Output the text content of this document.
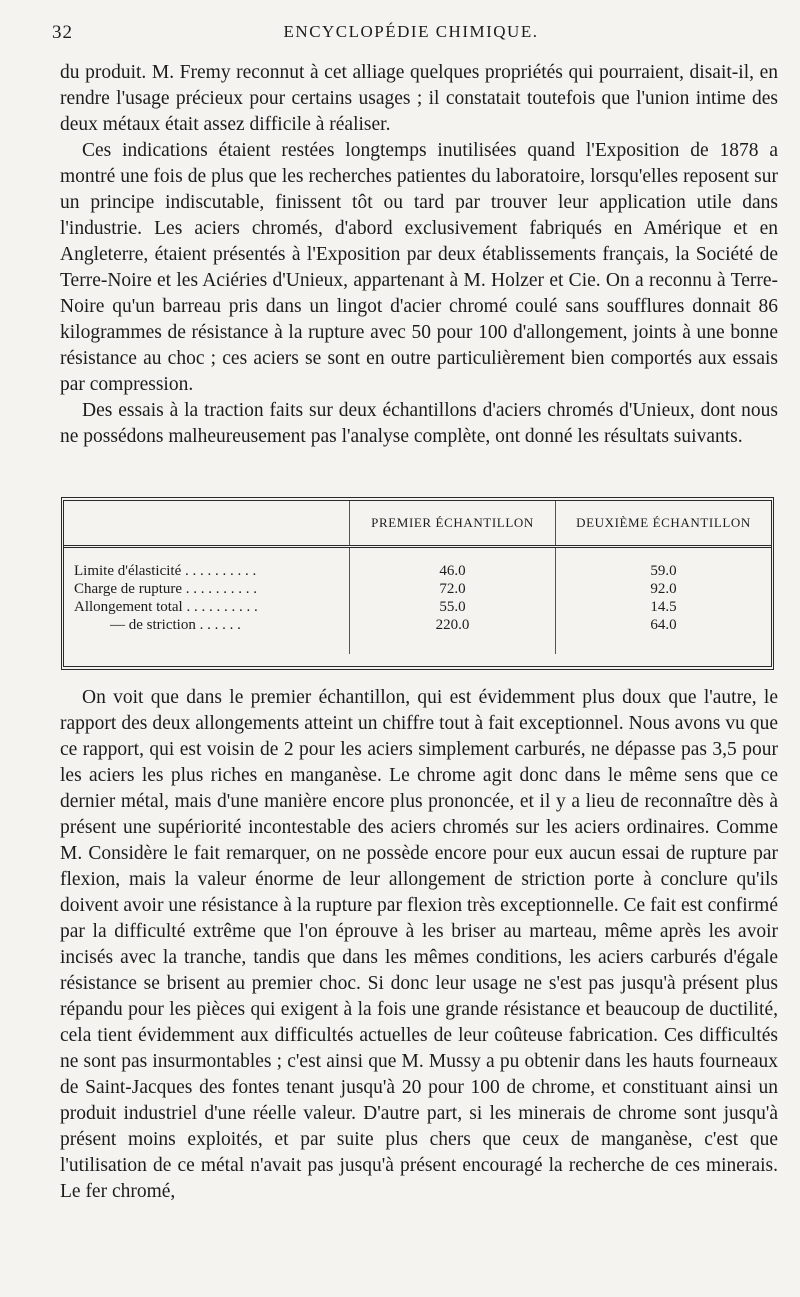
32	ENCYCLOPÉDIE CHIMIQUE.

du produit. M. Fremy reconnut à cet alliage quelques propriétés qui pourraient, disait-il, en rendre l'usage précieux pour certains usages ; il constatait toutefois que l'union intime des deux métaux était assez difficile à réaliser.

Ces indications étaient restées longtemps inutilisées quand l'Exposition de 1878 a montré une fois de plus que les recherches patientes du laboratoire, lorsqu'elles reposent sur un principe indiscutable, finissent tôt ou tard par trouver leur application utile dans l'industrie. Les aciers chromés, d'abord exclusivement fabriqués en Amérique et en Angleterre, étaient présentés à l'Exposition par deux établissements français, la Société de Terre-Noire et les Aciéries d'Unieux, appartenant à M. Holzer et Cie. On a reconnu à Terre-Noire qu'un barreau pris dans un lingot d'acier chromé coulé sans soufflures donnait 86 kilogrammes de résistance à la rupture avec 50 pour 100 d'allongement, joints à une bonne résistance au choc ; ces aciers se sont en outre particulièrement bien comportés aux essais par compression.

Des essais à la traction faits sur deux échantillons d'aciers chromés d'Unieux, dont nous ne possédons malheureusement pas l'analyse complète, ont donné les résultats suivants.

	PREMIER ÉCHANTILLON	DEUXIÈME ÉCHANTILLON
Limite d'élasticité . . . . . . . . . .	46.0	59.0
Charge de rupture . . . . . . . . . .	72.0	92.0
Allongement total . . . . . . . . . .	55.0	14.5
— de striction . . . . . .	220.0	64.0

On voit que dans le premier échantillon, qui est évidemment plus doux que l'autre, le rapport des deux allongements atteint un chiffre tout à fait exceptionnel. Nous avons vu que ce rapport, qui est voisin de 2 pour les aciers simplement carburés, ne dépasse pas 3,5 pour les aciers les plus riches en manganèse. Le chrome agit donc dans le même sens que ce dernier métal, mais d'une manière encore plus prononcée, et il y a lieu de reconnaître dès à présent une supériorité incontestable des aciers chromés sur les aciers ordinaires. Comme M. Considère le fait remarquer, on ne possède encore pour eux aucun essai de rupture par flexion, mais la valeur énorme de leur allongement de striction porte à conclure qu'ils doivent avoir une résistance à la rupture par flexion très exceptionnelle. Ce fait est confirmé par la difficulté extrême que l'on éprouve à les briser au marteau, même après les avoir incisés avec la tranche, tandis que dans les mêmes conditions, les aciers carburés d'égale résistance se brisent au premier choc. Si donc leur usage ne s'est pas jusqu'à présent plus répandu pour les pièces qui exigent à la fois une grande résistance et beaucoup de ductilité, cela tient évidemment aux difficultés actuelles de leur coûteuse fabrication. Ces difficultés ne sont pas insurmontables ; c'est ainsi que M. Mussy a pu obtenir dans les hauts fourneaux de Saint-Jacques des fontes tenant jusqu'à 20 pour 100 de chrome, et constituant ainsi un produit industriel d'une réelle valeur. D'autre part, si les minerais de chrome sont jusqu'à présent moins exploités, et par suite plus chers que ceux de manganèse, c'est que l'utilisation de ce métal n'avait pas jusqu'à présent encouragé la recherche de ces minerais. Le fer chromé,
